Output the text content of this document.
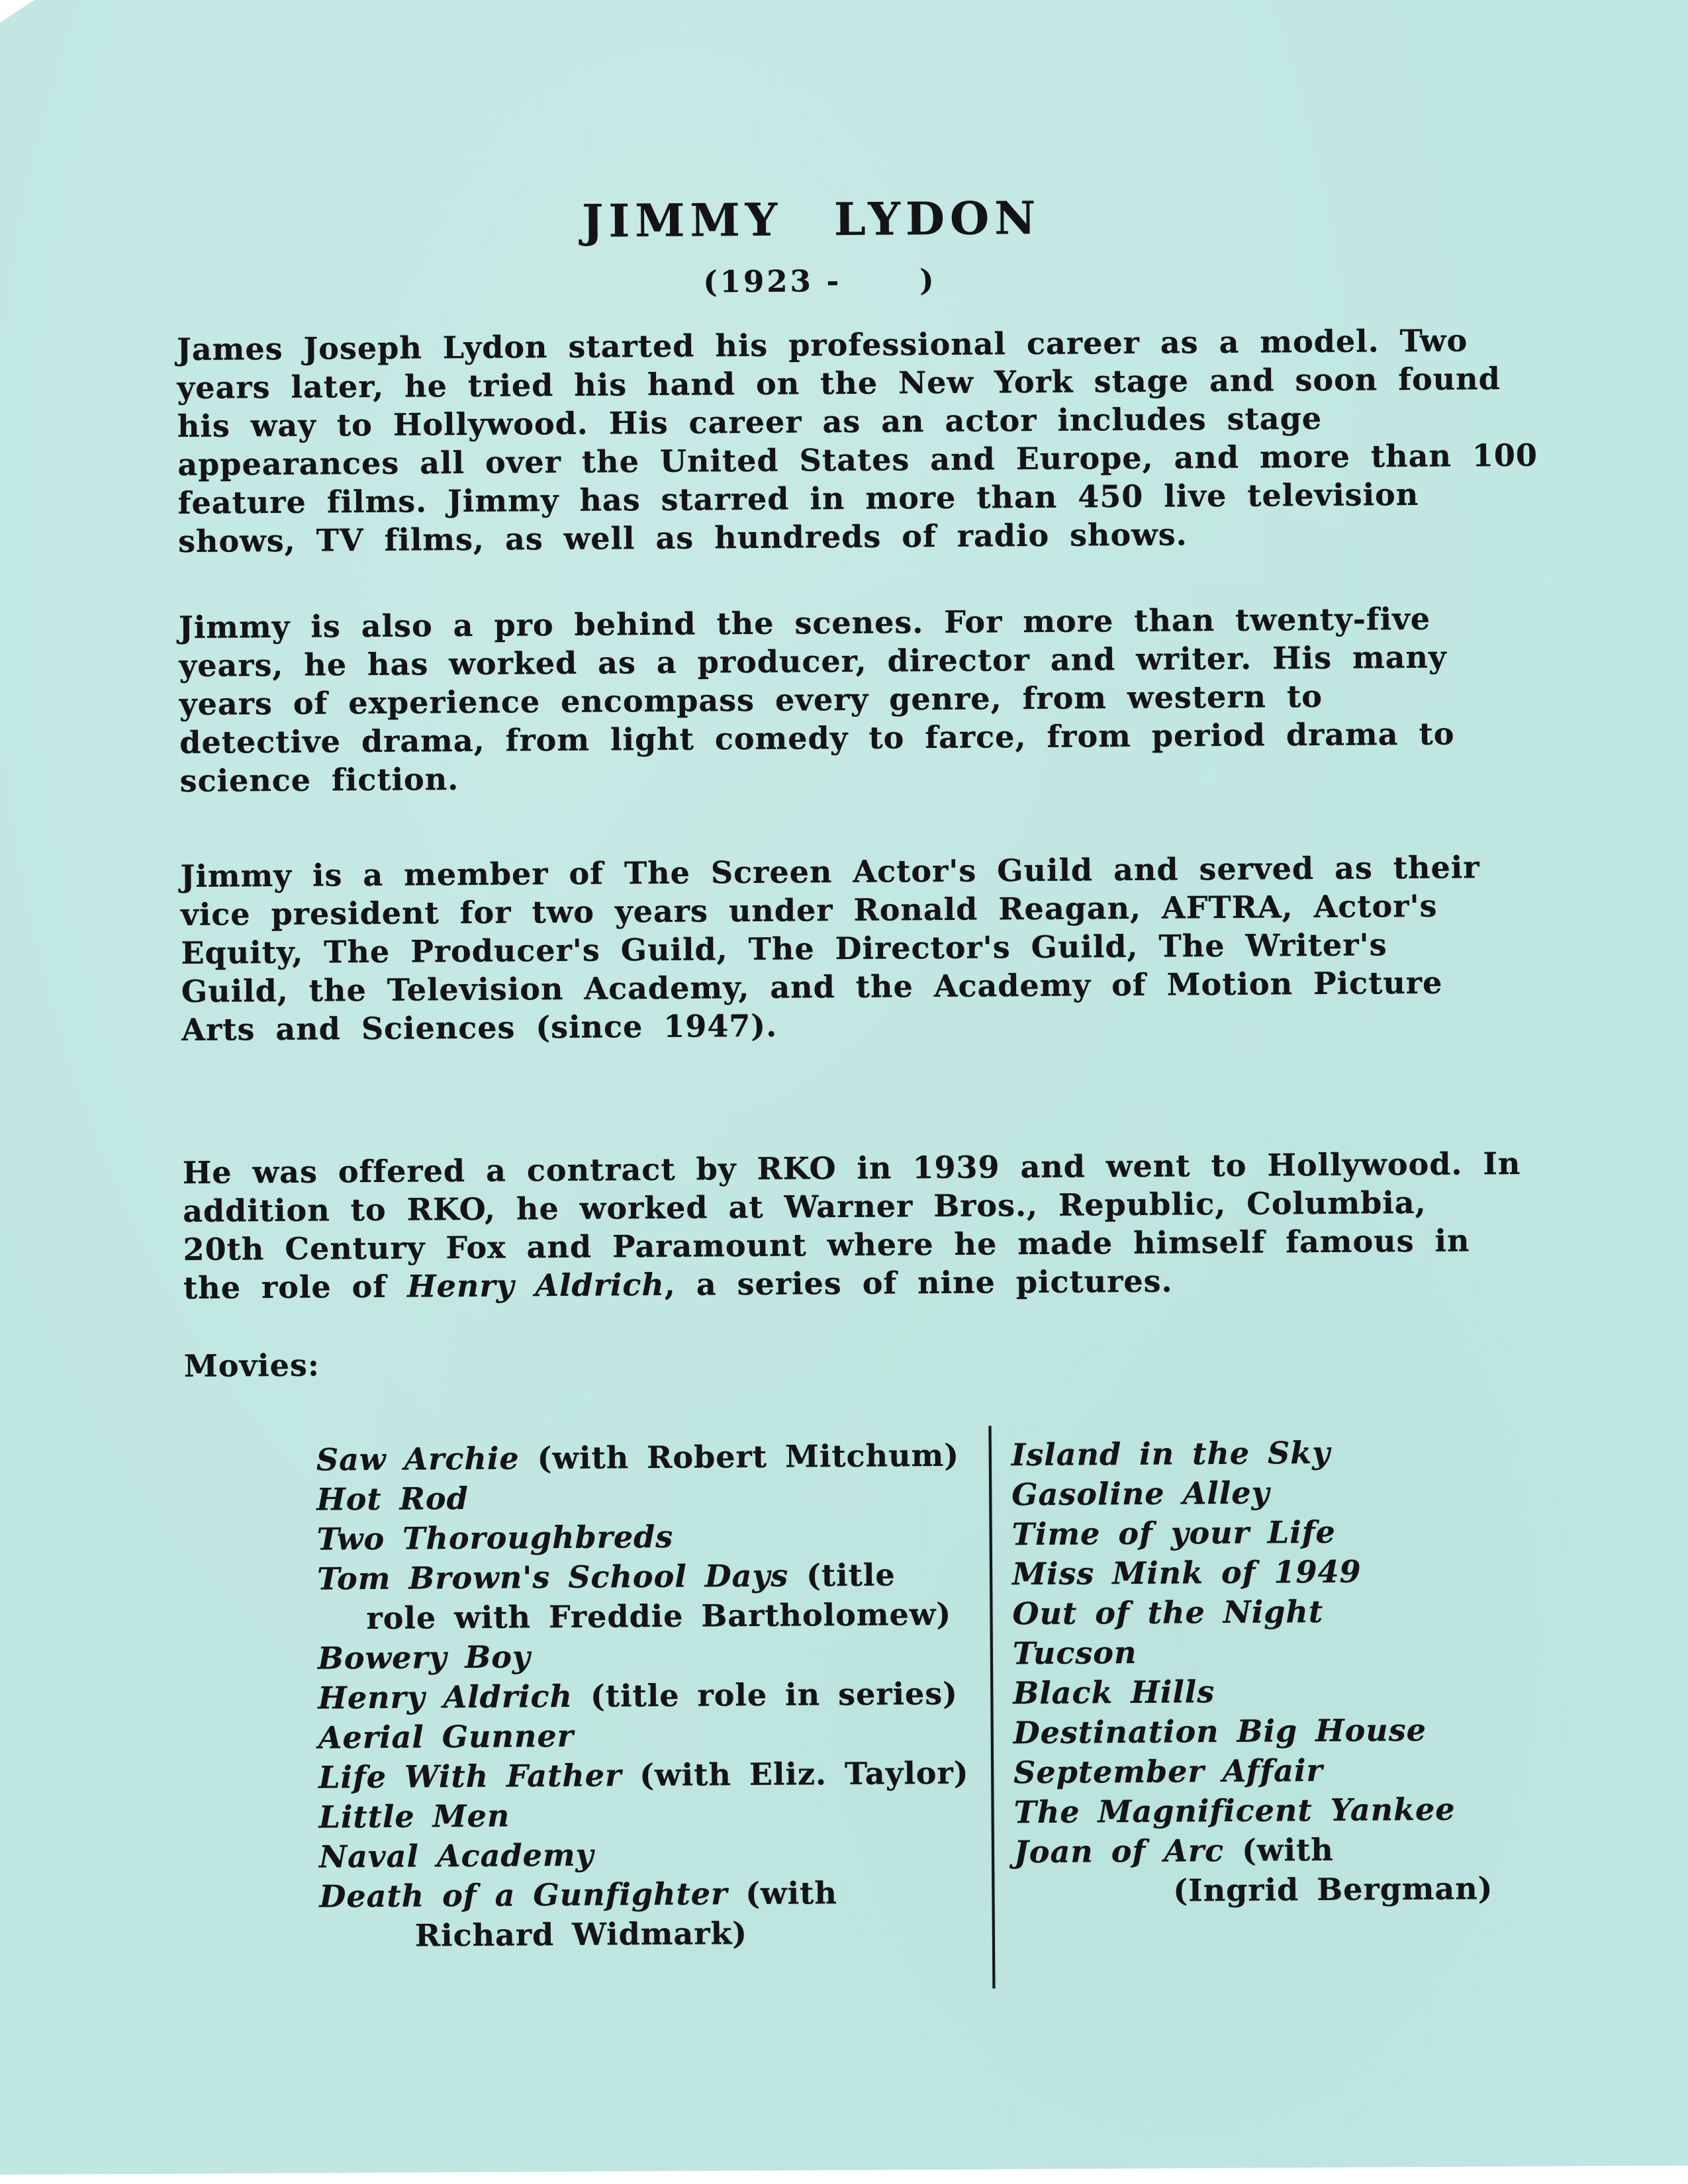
JIMMY LYDON
(1923 -      )
James Joseph Lydon started his professional career as a model. Two
years later, he tried his hand on the New York stage and soon found
his way to Hollywood. His career as an actor includes stage
appearances all over the United States and Europe, and more than 100
feature films. Jimmy has starred in more than 450 live television
shows, TV films, as well as hundreds of radio shows.
Jimmy is also a pro behind the scenes. For more than twenty-five
years, he has worked as a producer, director and writer. His many
years of experience encompass every genre, from western to
detective drama, from light comedy to farce, from period drama to
science fiction.
Jimmy is a member of The Screen Actor's Guild and served as their
vice president for two years under Ronald Reagan, AFTRA, Actor's
Equity, The Producer's Guild, The Director's Guild, The Writer's
Guild, the Television Academy, and the Academy of Motion Picture
Arts and Sciences (since 1947).
He was offered a contract by RKO in 1939 and went to Hollywood. In
addition to RKO, he worked at Warner Bros., Republic, Columbia,
20th Century Fox and Paramount where he made himself famous in
the role of Henry Aldrich, a series of nine pictures.
Movies:
Saw Archie (with Robert Mitchum)
Hot Rod
Two Thoroughbreds
Tom Brown's School Days (title
role with Freddie Bartholomew)
Bowery Boy
Henry Aldrich (title role in series)
Aerial Gunner
Life With Father (with Eliz. Taylor)
Little Men
Naval Academy
Death of a Gunfighter (with
Richard Widmark)
Island in the Sky
Gasoline Alley
Time of your Life
Miss Mink of 1949
Out of the Night
Tucson
Black Hills
Destination Big House
September Affair
The Magnificent Yankee
Joan of Arc (with
(Ingrid Bergman)
